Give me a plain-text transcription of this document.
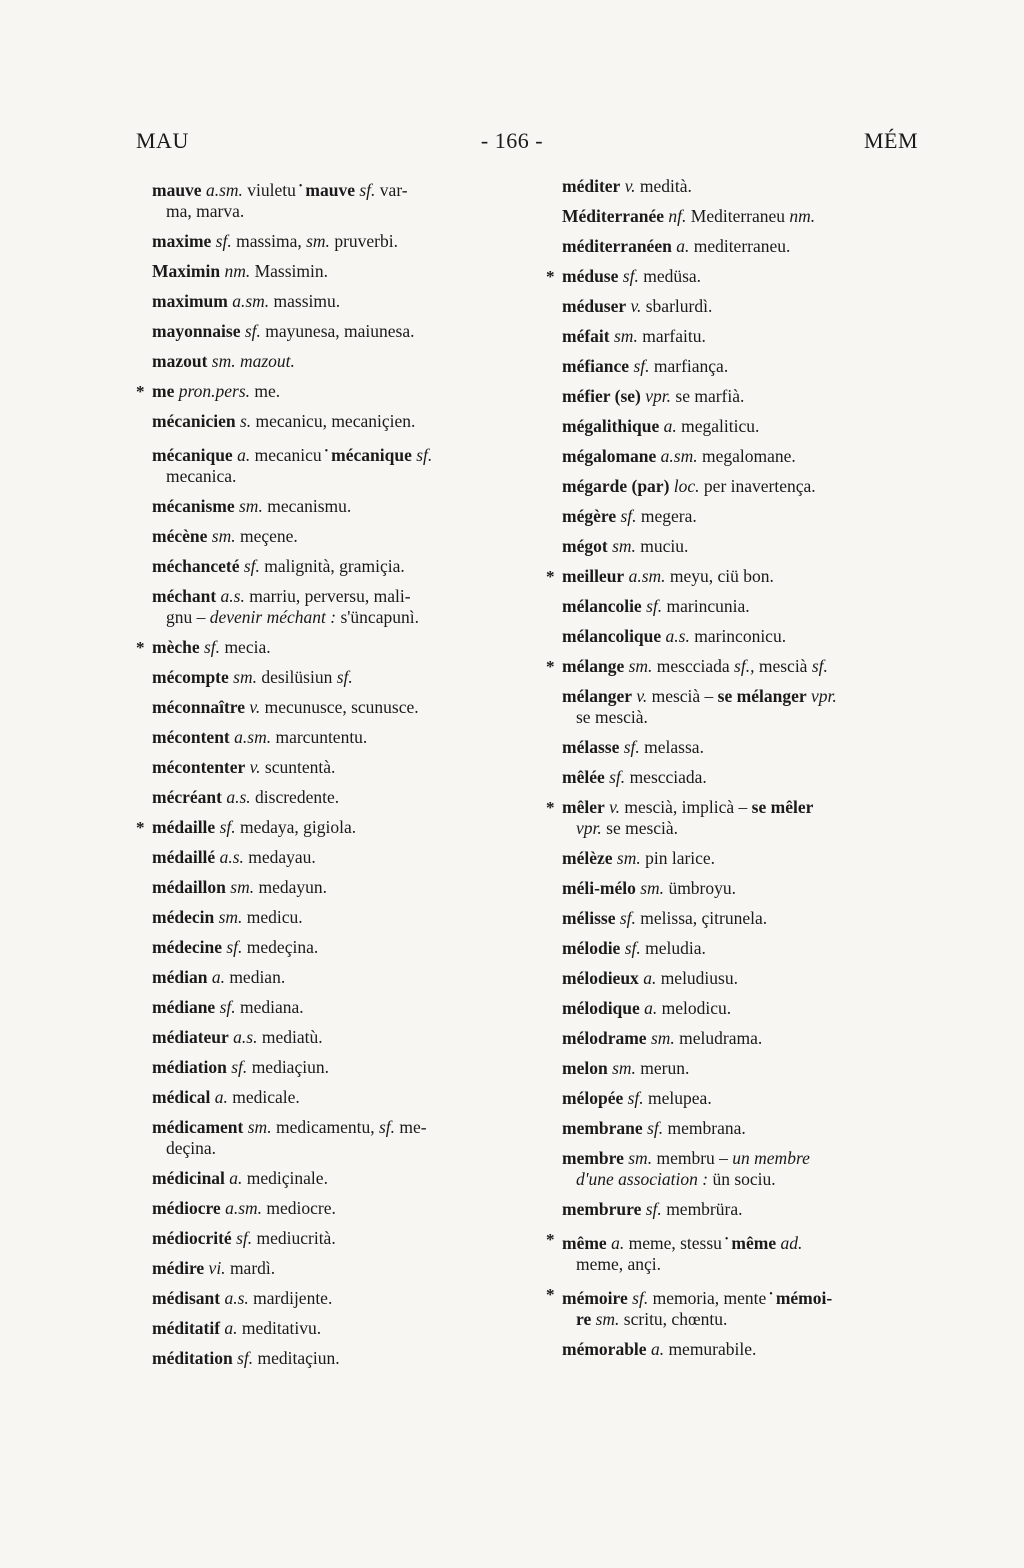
MAU	- 166 -	MÉM
mauve a.sm. viuletu • mauve sf. var-
ma, marva.
maxime sf. massima, sm. pruverbi.
Maximin nm. Massimin.
maximum a.sm. massimu.
mayonnaise sf. mayunesa, maiunesa.
mazout sm. mazout.
* me pron.pers. me.
mécanicien s. mecanicu, mecaniçien.
mécanique a. mecanicu • mécanique sf.
mecanica.
mécanisme sm. mecanismu.
mécène sm. meçene.
méchanceté sf. malignità, gramiçia.
méchant a.s. marriu, perversu, mali-
gnu – devenir méchant : s'üncapunì.
* mèche sf. mecia.
mécompte sm. desilüsiun sf.
méconnaître v. mecunusce, scunusce.
mécontent a.sm. marcuntentu.
mécontenter v. scuntentà.
mécréant a.s. discredente.
* médaille sf. medaya, gigiola.
médaillé a.s. medayau.
médaillon sm. medayun.
médecin sm. medicu.
médecine sf. medeçina.
médian a. median.
médiane sf. mediana.
médiateur a.s. mediatù.
médiation sf. mediaçiun.
médical a. medicale.
médicament sm. medicamentu, sf. me-
deçina.
médicinal a. mediçinale.
médiocre a.sm. mediocre.
médiocrité sf. mediucrità.
médire vi. mardì.
médisant a.s. mardijente.
méditatif a. meditativu.
méditation sf. meditaçiun.
méditer v. medità.
Méditerranée nf. Mediterraneu nm.
méditerranéen a. mediterraneu.
* méduse sf. medüsa.
méduser v. sbarlurdì.
méfait sm. marfaitu.
méfiance sf. marfiança.
méfier (se) vpr. se marfià.
mégalithique a. megaliticu.
mégalomane a.sm. megalomane.
mégarde (par) loc. per inavertença.
mégère sf. megera.
mégot sm. muciu.
* meilleur a.sm. meyu, ciü bon.
mélancolie sf. marincunia.
mélancolique a.s. marinconicu.
* mélange sm. mescciada sf., mescià sf.
mélanger v. mescià – se mélanger vpr.
se mescià.
mélasse sf. melassa.
mêlée sf. mescciada.
* mêler v. mescià, implicà – se mêler
vpr. se mescià.
mélèze sm. pin larice.
méli-mélo sm. ümbroyu.
mélisse sf. melissa, çitrunela.
mélodie sf. meludia.
mélodieux a. meludiusu.
mélodique a. melodicu.
mélodrame sm. meludrama.
melon sm. merun.
mélopée sf. melupea.
membrane sf. membrana.
membre sm. membru – un membre
d'une association : ün sociu.
membrure sf. membrüra.
* même a. meme, stessu • même ad.
meme, ançi.
* mémoire sf. memoria, mente • mémoi-
re sm. scritu, chœntu.
mémorable a. memurabile.
